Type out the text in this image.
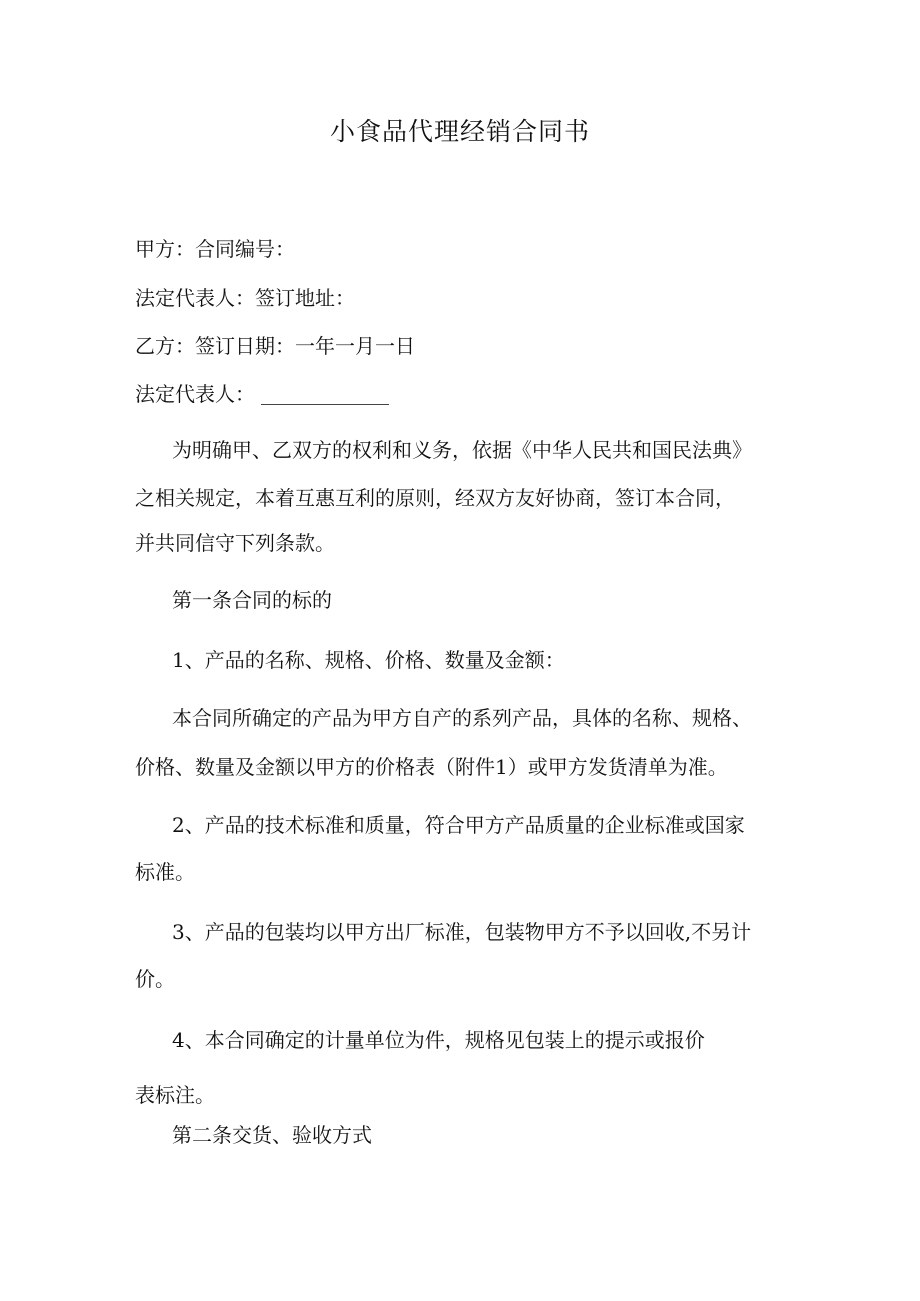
小食品代理经销合同书
甲方：合同编号：
法定代表人：签订地址：
乙方：签订日期：一年一月一日
法定代表人：
为明确甲、乙双方的权利和义务，依据《中华人民共和国民法典》
之相关规定，本着互惠互利的原则，经双方友好协商，签订本合同，
并共同信守下列条款。
第一条合同的标的
1、产品的名称、规格、价格、数量及金额：
本合同所确定的产品为甲方自产的系列产品，具体的名称、规格、
价格、数量及金额以甲方的价格表（附件1）或甲方发货清单为准。
2、产品的技术标准和质量，符合甲方产品质量的企业标准或国家
标准。
3、产品的包装均以甲方出厂标准，包装物甲方不予以回收,不另计
价。
4、本合同确定的计量单位为件，规格见包装上的提示或报价
表标注。
第二条交货、验收方式
